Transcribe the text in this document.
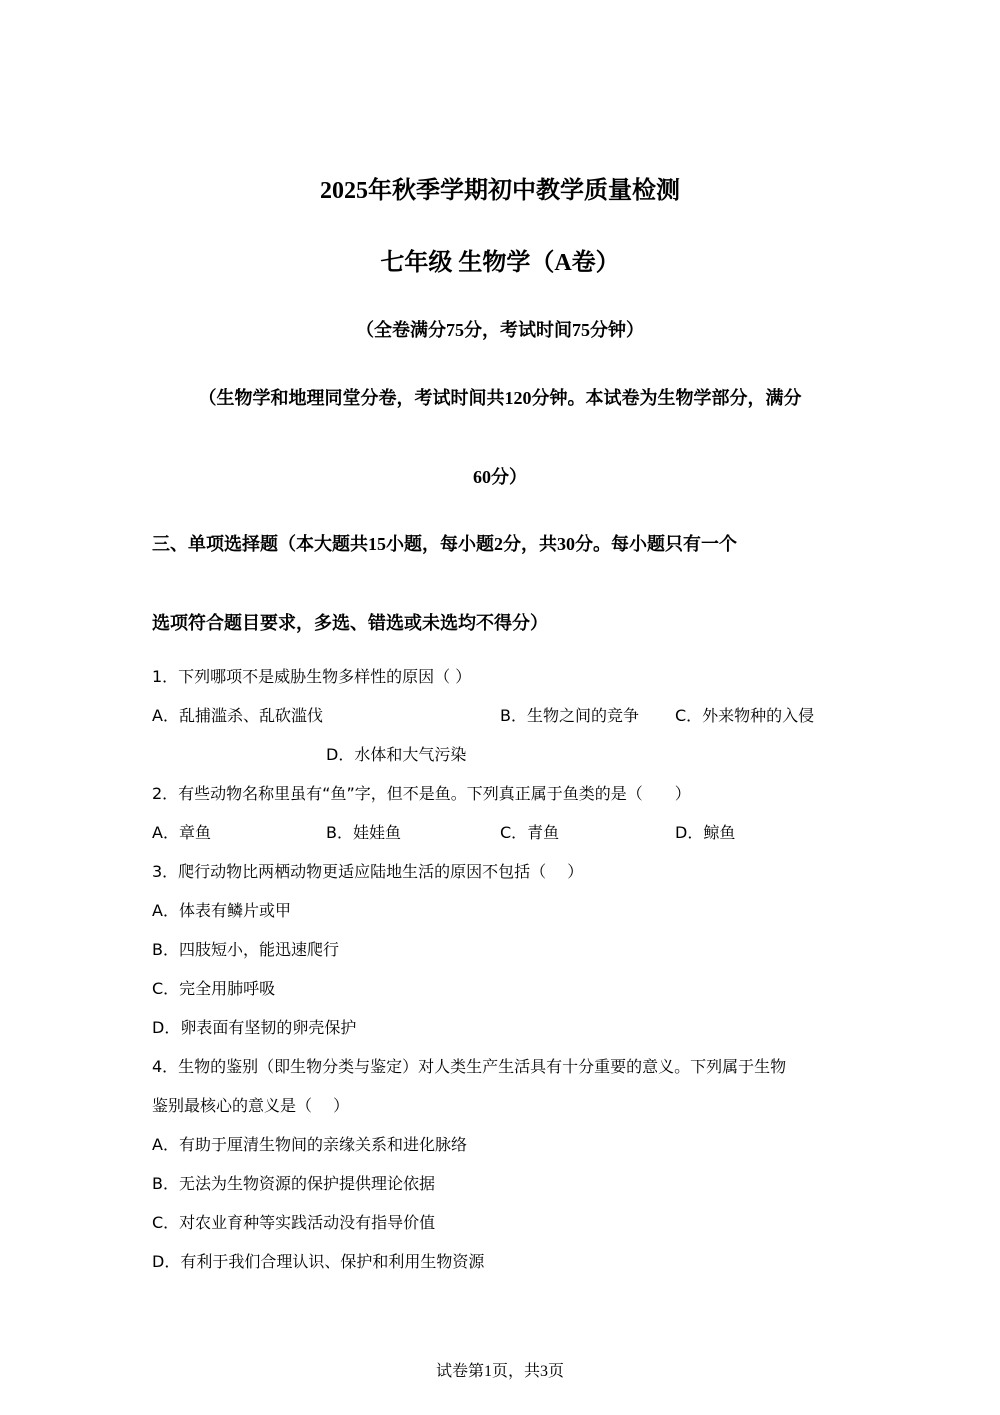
2025年秋季学期初中教学质量检测
七年级 生物学（A卷）
（全卷满分75分，考试时间75分钟）
（生物学和地理同堂分卷，考试时间共120分钟。本试卷为生物学部分，满分
60分）
三、单项选择题（本大题共15小题，每小题2分，共30分。每小题只有一个
选项符合题目要求，多选、错选或未选均不得分）
1．下列哪项不是威胁生物多样性的原因（ ）
A．乱捕滥杀、乱砍滥伐	B．生物之间的竞争 C．外来物种的入侵
D．水体和大气污染
2．有些动物名称里虽有“鱼”字，但不是鱼。下列真正属于鱼类的是（　　）
A．章鱼	B．娃娃鱼	C．青鱼	D．鲸鱼
3．爬行动物比两栖动物更适应陆地生活的原因不包括（　 ）
A．体表有鳞片或甲
B．四肢短小，能迅速爬行
C．完全用肺呼吸
D．卵表面有坚韧的卵壳保护
4．生物的鉴别（即生物分类与鉴定）对人类生产生活具有十分重要的意义。下列属于生物
鉴别最核心的意义是（　 ）
A．有助于厘清生物间的亲缘关系和进化脉络
B．无法为生物资源的保护提供理论依据
C．对农业育种等实践活动没有指导价值
D．有利于我们合理认识、保护和利用生物资源
试卷第1页，共3页
